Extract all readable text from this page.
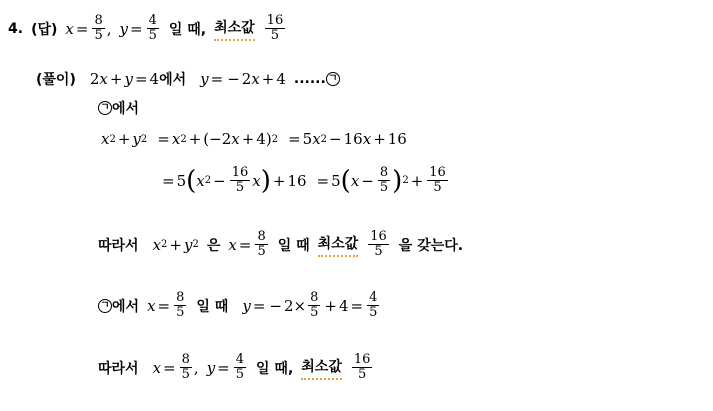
4. (답) $x = \frac{8}{5}$ , $y = \frac{4}{5}$ 일 때, 최소값 $\frac{16}{5}$
(풀이) 2 x + y = 4 에서 y = − 2 x + 4 ...... ㄱ
ㄱ 에서
x 2 + y 2 = x 2 + (−2 x + 4) 2 = 5 x 2 − 16 x + 16
= 5 ( x $2 - \frac{16}{5}$ x ) + 16 = 5 ( $x - \frac{8}{5}$ ) $2 + \frac{16}{5}$
따라서 x 2 + y 2 은 $x = \frac{8}{5}$ 일 때 최소값 $\frac{16}{5}$ 을 갖는다.
ㄱ 에서 $x = \frac{8}{5}$ 일 때 y = − $2\times \frac{8}{5} + 4 = \frac{4}{5}$
따라서 $x = \frac{8}{5}$ , $y = \frac{4}{5}$ 일 때, 최소값 $\frac{16}{5}$
